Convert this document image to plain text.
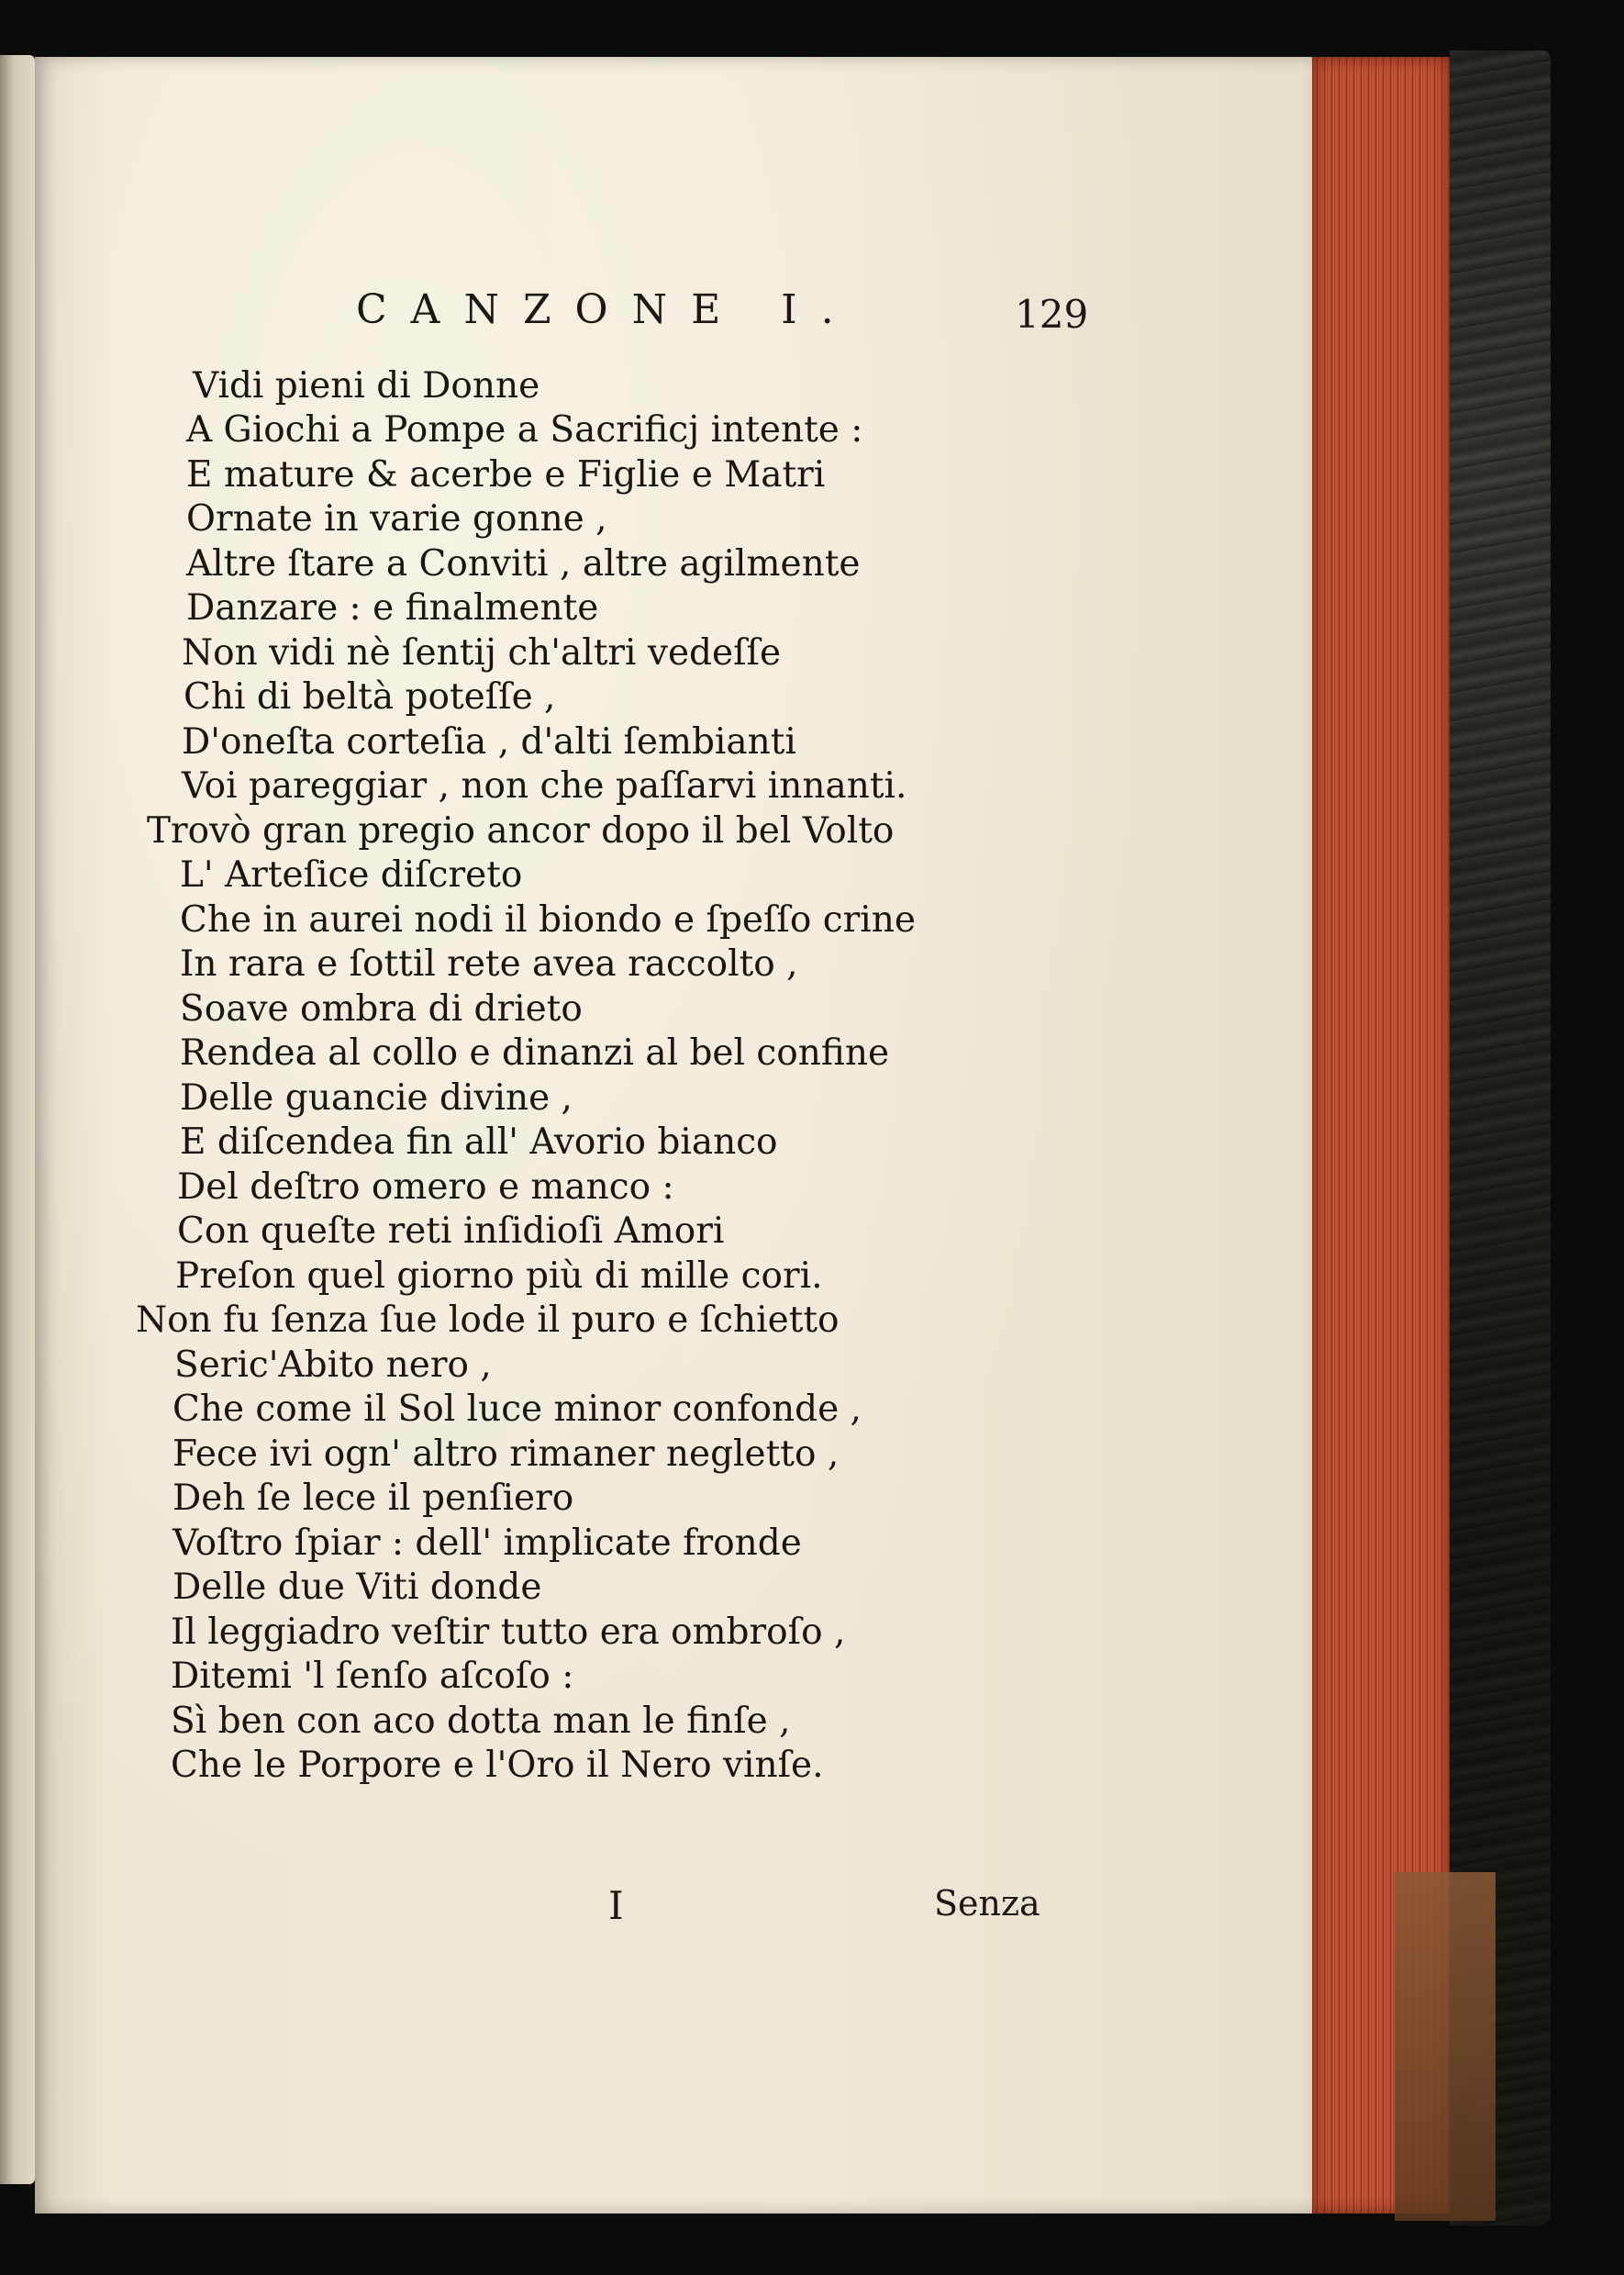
CANZONE I.	129
Vidi pieni di Donne
A Giochi a Pompe a Sacrificj intente :
E mature & acerbe e Figlie e Matri
Ornate in varie gonne ,
Altre ſtare a Conviti , altre agilmente
Danzare : e finalmente
Non vidi nè ſentij ch'altri vedeſſe
Chi di beltà poteſſe ,
D'oneſta corteſia , d'alti ſembianti
Voi pareggiar , non che paſſarvi innanti.
Trovò gran pregio ancor dopo il bel Volto
L' Arteſice diſcreto
Che in aurei nodi il biondo e ſpeſſo crine
In rara e ſottil rete avea raccolto ,
Soave ombra di drieto
Rendea al collo e dinanzi al bel confine
Delle guancie divine ,
E diſcendea fin all' Avorio bianco
Del deſtro omero e manco :
Con queſte reti inſidioſi Amori
Preſon quel giorno più di mille cori.
Non fu ſenza ſue lode il puro e ſchietto
Seric'Abito nero ,
Che come il Sol luce minor confonde ,
Fece ivi ogn' altro rimaner negletto ,
Deh ſe lece il penſiero
Voſtro ſpiar : dell' implicate fronde
Delle due Viti donde
Il leggiadro veſtir tutto era ombroſo ,
Ditemi 'l ſenſo aſcoſo :
Sì ben con aco dotta man le finſe ,
Che le Porpore e l'Oro il Nero vinſe.
I	Senza
